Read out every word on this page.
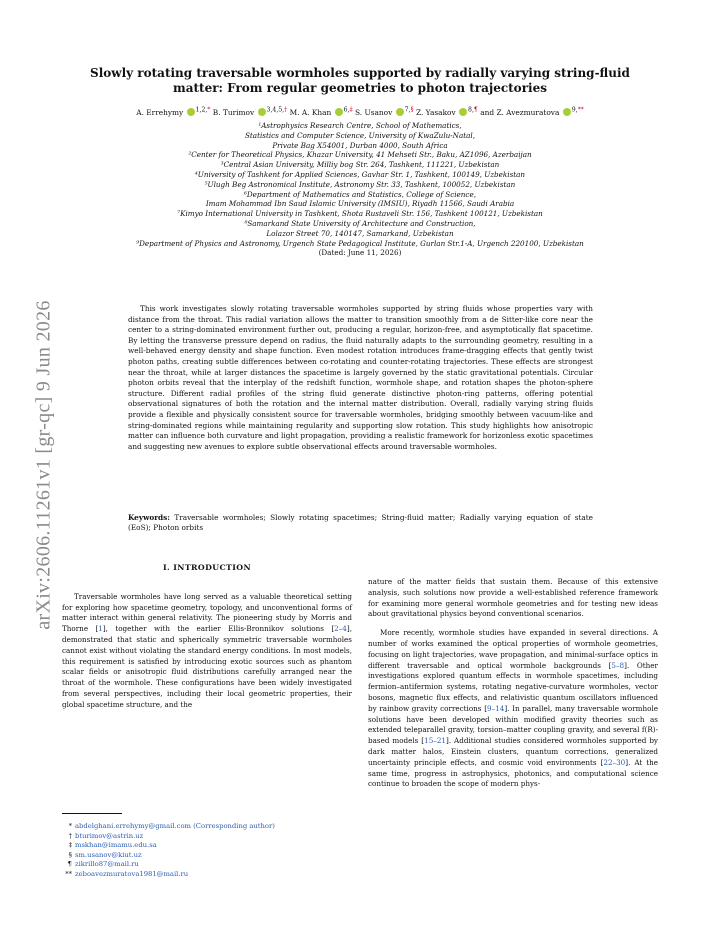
arXiv:2606.11261v1 [gr-qc] 9 Jun 2026
Slowly rotating traversable wormholes supported by radially varying string-fluid
matter: From regular geometries to photon trajectories
A. Errehymy $^{1,2,*}$ B. Turimov $^{3,4,5,\dagger}$ M. A. Khan $^{6,\ddagger}$ S. Usanov $^{7,\S}$ Z. Yasakov $^{8,\P}$ and Z. Avezmuratova $^{9,**}$
¹Astrophysics Research Centre, School of Mathematics,
Statistics and Computer Science, University of KwaZulu-Natal,
Private Bag X54001, Durban 4000, South Africa
²Center for Theoretical Physics, Khazar University, 41 Mehseti Str., Baku, AZ1096, Azerbaijan
³Central Asian University, Milliy bog Str. 264, Tashkent, 111221, Uzbekistan
⁴University of Tashkent for Applied Sciences, Gavhar Str. 1, Tashkent, 100149, Uzbekistan
⁵Ulugh Beg Astronomical Institute, Astronomy Str. 33, Tashkent, 100052, Uzbekistan
⁶Department of Mathematics and Statistics, College of Science,
Imam Mohammad Ibn Saud Islamic University (IMSIU), Riyadh 11566, Saudi Arabia
⁷Kimyo International University in Tashkent, Shota Rustaveli Str. 156, Tashkent 100121, Uzbekistan
⁸Samarkand State University of Architecture and Construction,
Lolazor Street 70, 140147, Samarkand, Uzbekistan
⁹Department of Physics and Astronomy, Urgench State Pedagogical Institute, Gurlan Str.1-A, Urgench 220100, Uzbekistan
(Dated: June 11, 2026)
This work investigates slowly rotating traversable wormholes supported by string fluids whose properties vary with distance from the throat. This radial variation allows the matter to transition smoothly from a de Sitter-like core near the center to a string-dominated environment further out, producing a regular, horizon-free, and asymptotically flat spacetime. By letting the transverse pressure depend on radius, the fluid naturally adapts to the surrounding geometry, resulting in a well-behaved energy density and shape function. Even modest rotation introduces frame-dragging effects that gently twist photon paths, creating subtle differences between co-rotating and counter-rotating trajectories. These effects are strongest near the throat, while at larger distances the spacetime is largely governed by the static gravitational potentials. Circular photon orbits reveal that the interplay of the redshift function, wormhole shape, and rotation shapes the photon-sphere structure. Different radial profiles of the string fluid generate distinctive photon-ring patterns, offering potential observational signatures of both the rotation and the internal matter distribution. Overall, radially varying string fluids provide a flexible and physically consistent source for traversable wormholes, bridging smoothly between vacuum-like and string-dominated regions while maintaining regularity and supporting slow rotation. This study highlights how anisotropic matter can influence both curvature and light propagation, providing a realistic framework for horizonless exotic spacetimes and suggesting new avenues to explore subtle observational effects around traversable wormholes.
Keywords: Traversable wormholes; Slowly rotating spacetimes; String-fluid matter; Radially varying equation of state (EoS); Photon orbits
I. INTRODUCTION

Traversable wormholes have long served as a valuable theoretical setting for exploring how spacetime geometry, topology, and unconventional forms of matter interact within general relativity. The pioneering study by Morris and Thorne [1], together with the earlier Ellis-Bronnikov solutions [2–4], demonstrated that static and spherically symmetric traversable wormholes cannot exist without violating the standard energy conditions. In most models, this requirement is satisfied by introducing exotic sources such as phantom scalar fields or anisotropic fluid distributions carefully arranged near the throat of the wormhole. These configurations have been widely investigated from several perspectives, including their local geometric properties, their global spacetime structure, and the

nature of the matter fields that sustain them. Because of this extensive analysis, such solutions now provide a well-established reference framework for examining more general wormhole geometries and for testing new ideas about gravitational physics beyond conventional scenarios.

More recently, wormhole studies have expanded in several directions. A number of works examined the optical properties of wormhole geometries, focusing on light trajectories, wave propagation, and minimal-surface optics in different traversable and optical wormhole backgrounds [5–8]. Other investigations explored quantum effects in wormhole spacetimes, including fermion–antifermion systems, rotating negative-curvature wormholes, vector bosons, magnetic flux effects, and relativistic quantum oscillators influenced by rainbow gravity corrections [9–14]. In parallel, many traversable wormhole solutions have been developed within modified gravity theories such as extended teleparallel gravity, torsion–matter coupling gravity, and several f(R)-based models [15–21]. Additional studies considered wormholes supported by dark matter halos, Einstein clusters, quantum corrections, generalized uncertainty principle effects, and cosmic void environments [22–30]. At the same time, progress in astrophysics, photonics, and computational science continue to broaden the scope of modern phys-

* abdelghani.errehymy@gmail.com (Corresponding author)
† bturimov@astrin.uz
‡ mskhan@imamu.edu.sa
§ sm.usanov@kiut.uz
¶ zikrillo87@mail.ru
** zeboavezmuratova1981@mail.ru
